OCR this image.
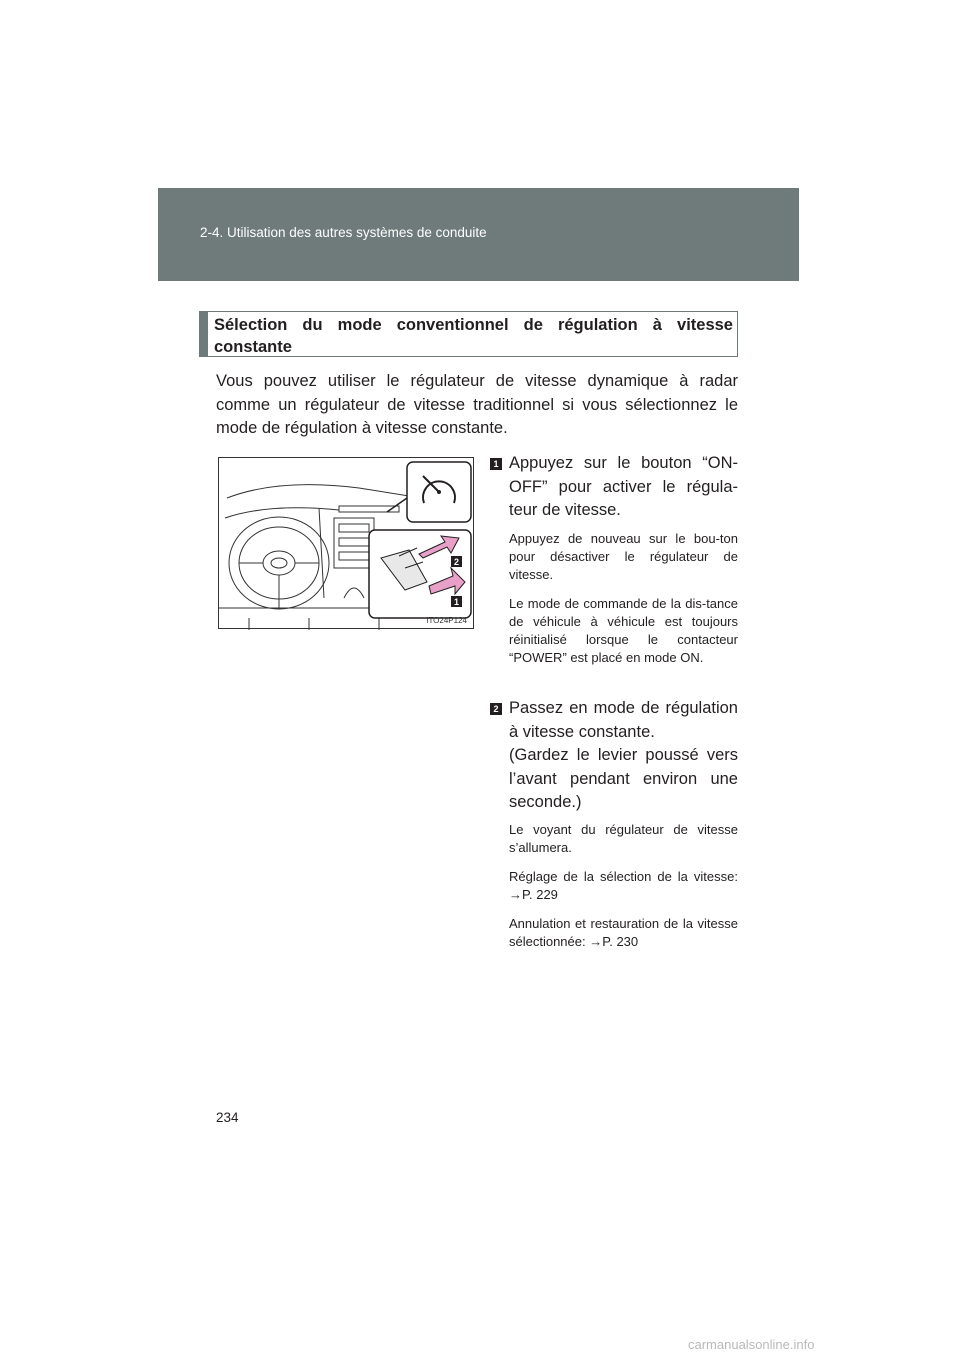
2-4. Utilisation des autres systèmes de conduite
Sélection du mode conventionnel de régulation à vitesse constante
Vous pouvez utiliser le régulateur de vitesse dynamique à radar comme un régulateur de vitesse traditionnel si vous sélectionnez le mode de régulation à vitesse constante.
2
1
ITO24P124
1 Appuyez sur le bouton “ON-OFF” pour activer le régula-teur de vitesse.
Appuyez de nouveau sur le bou-ton pour désactiver le régulateur de vitesse.
Le mode de commande de la dis-tance de véhicule à véhicule est toujours réinitialisé lorsque le contacteur “POWER” est placé en mode ON.
2 Passez en mode de régulation à vitesse constante.
(Gardez le levier poussé vers l’avant pendant environ une seconde.)
Le voyant du régulateur de vitesse s’allumera.
Réglage de la sélection de la vitesse: →P. 229
Annulation et restauration de la vitesse sélectionnée: →P. 230
234
carmanualsonline.info
